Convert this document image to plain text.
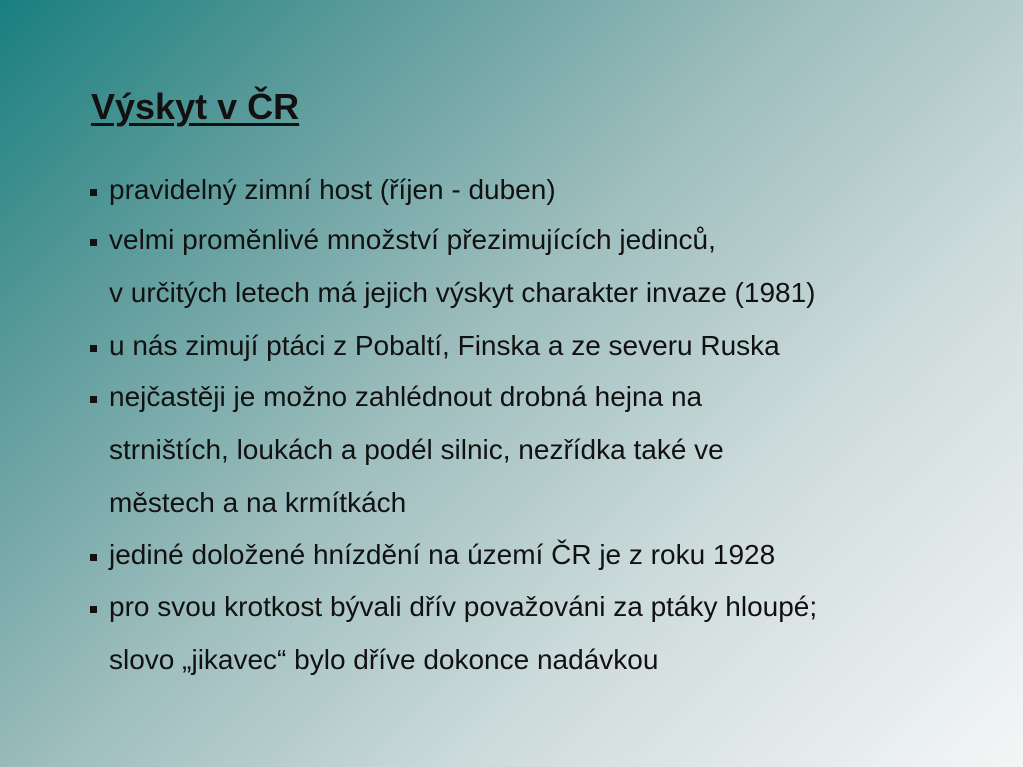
Výskyt v ČR
pravidelný zimní host (říjen - duben)
velmi proměnlivé množství přezimujících jedinců,
v určitých letech má jejich výskyt charakter invaze (1981)
u nás zimují ptáci z Pobaltí, Finska a ze severu Ruska
nejčastěji je možno zahlédnout drobná hejna na
strništích, loukách a podél silnic, nezřídka také ve
městech a na krmítkách
jediné doložené hnízdění na území ČR je z roku 1928
pro svou krotkost bývali dřív považováni za ptáky hloupé;
slovo „jikavec“ bylo dříve dokonce nadávkou
